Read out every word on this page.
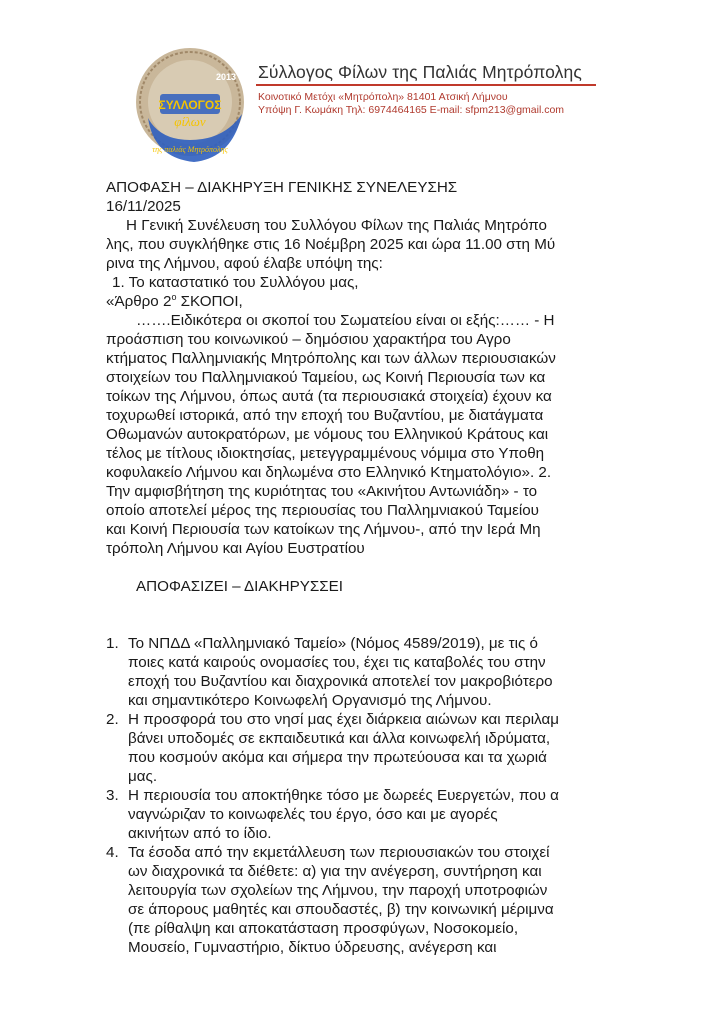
ΣΥΛΛΟΓΟΣ
φίλων
2013
της παλιάς Μητρόπολης
Σύλλογος Φίλων της Παλιάς Μητρόπολης
Κοινοτικό Μετόχι «Μητρόπολη» 81401 Ατσική Λήμνου
Υπόψη Γ. Κωμάκη Τηλ: 6974464165 E-mail: sfpm213@gmail.com

ΑΠΟΦΑΣΗ – ΔΙΑΚΗΡΥΞΗ ΓΕΝΙΚΗΣ ΣΥΝΕΛΕΥΣΗΣ

16/11/2025

Η Γενική Συνέλευση του Συλλόγου Φίλων της Παλιάς Μητρόπο

λης, που συγκλήθηκε στις 16 Νοέμβρη 2025 και ώρα 11.00 στη Μύ

ρινα της Λήμνου, αφού έλαβε υπόψη της:

1. Το καταστατικό του Συλλόγου μας,

«Άρθρο $2^o$ ΣΚΟΠΟΙ,

…….Ειδικότερα οι σκοποί του Σωματείου είναι οι εξής:…… - Η

προάσπιση του κοινωνικού – δημόσιου χαρακτήρα του Αγρο

κτήματος Παλλημνιακής Μητρόπολης και των άλλων περιουσιακών

στοιχείων του Παλλημνιακού Ταμείου, ως Κοινή Περιουσία των κα

τοίκων της Λήμνου, όπως αυτά (τα περιουσιακά στοιχεία) έχουν κα

τοχυρωθεί ιστορικά, από την εποχή του Βυζαντίου, με διατάγματα

Οθωμανών αυτοκρατόρων, με νόμους του Ελληνικού Κράτους και

τέλος με τίτλους ιδιοκτησίας, μετεγγραμμένους νόμιμα στο Υποθη

κοφυλακείο Λήμνου και δηλωμένα στο Ελληνικό Κτηματολόγιο». 2.

Την αμφισβήτηση της κυριότητας του «Ακινήτου Αντωνιάδη» - το

οποίο αποτελεί μέρος της περιουσίας του Παλλημνιακού Ταμείου

και Κοινή Περιουσία των κατοίκων της Λήμνου-, από την Ιερά Μη

τρόπολη Λήμνου και Αγίου Ευστρατίου

ΑΠΟΦΑΣΙΖΕΙ – ΔΙΑΚΗΡΥΣΣΕΙ

1. Το ΝΠΔΔ «Παλλημνιακό Ταμείο» (Νόμος 4589/2019), με τις ό

ποιες κατά καιρούς ονομασίες του, έχει τις καταβολές του στην

εποχή του Βυζαντίου και διαχρονικά αποτελεί τον μακροβιότερο

και σημαντικότερο Κοινωφελή Οργανισμό της Λήμνου.

2. Η προσφορά του στο νησί μας έχει διάρκεια αιώνων και περιλαμ

βάνει υποδομές σε εκπαιδευτικά και άλλα κοινωφελή ιδρύματα,

που κοσμούν ακόμα και σήμερα την πρωτεύουσα και τα χωριά

μας.

3. Η περιουσία του αποκτήθηκε τόσο με δωρεές Ευεργετών, που α

ναγνώριζαν το κοινωφελές του έργο, όσο και με αγορές

ακινήτων από το ίδιο.

4. Τα έσοδα από την εκμετάλλευση των περιουσιακών του στοιχεί

ων διαχρονικά τα διέθετε: α) για την ανέγερση, συντήρηση και

λειτουργία των σχολείων της Λήμνου, την παροχή υποτροφιών

σε άπορους μαθητές και σπουδαστές, β) την κοινωνική μέριμνα

(πε ρίθαλψη και αποκατάσταση προσφύγων, Νοσοκομείο,

Μουσείο, Γυμναστήριο, δίκτυο ύδρευσης, ανέγερση και
